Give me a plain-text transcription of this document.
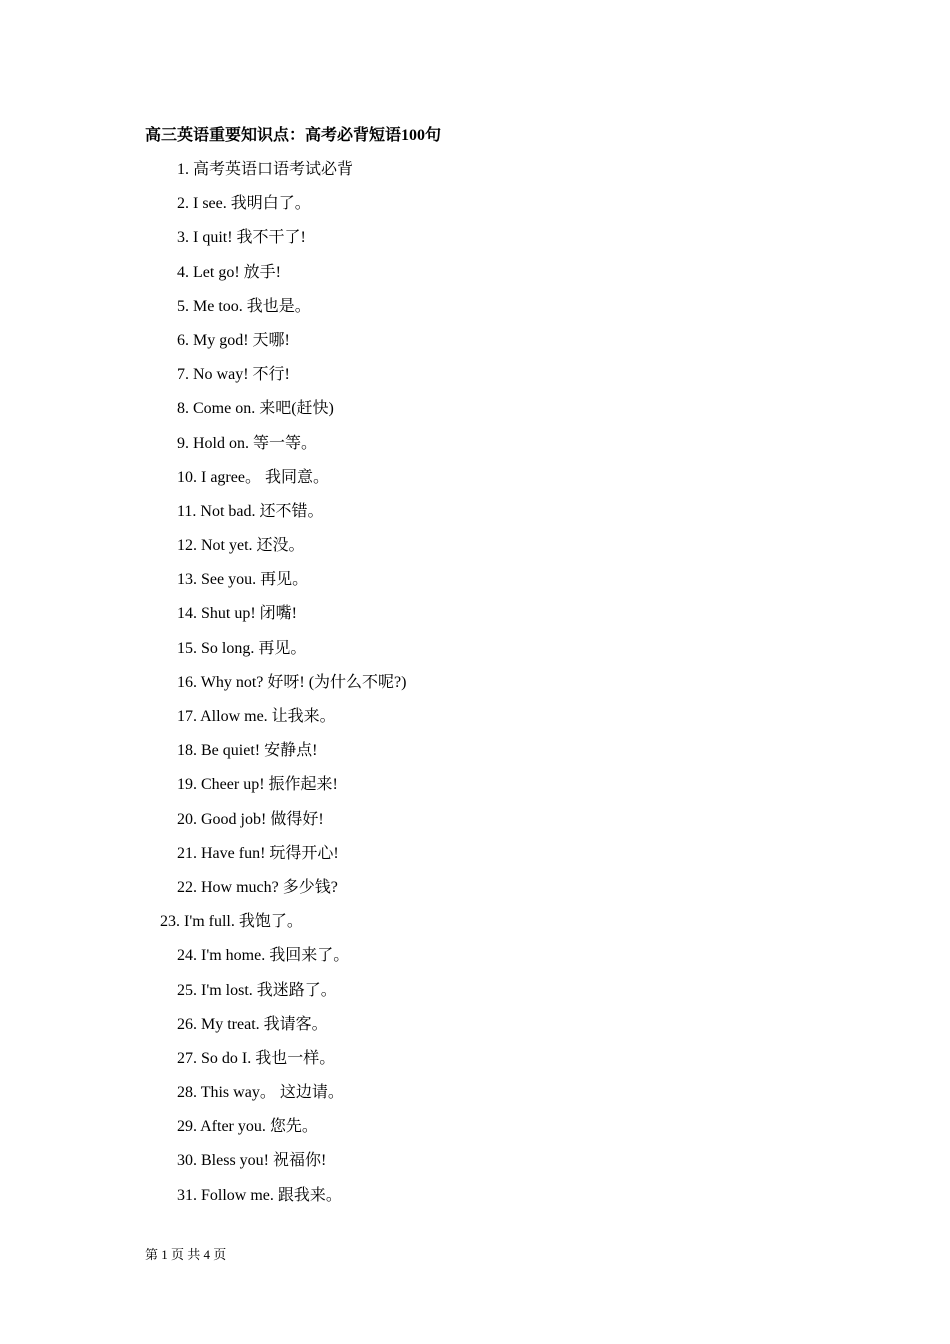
高三英语重要知识点：高考必背短语100句
1. 高考英语口语考试必背
2. I see. 我明白了。
3. I quit! 我不干了!
4. Let go! 放手!
5. Me too. 我也是。
6. My god! 天哪!
7. No way! 不行!
8. Come on. 来吧(赶快)
9. Hold on. 等一等。
10. I agree。 我同意。
11. Not bad. 还不错。
12. Not yet. 还没。
13. See you. 再见。
14. Shut up! 闭嘴!
15. So long. 再见。
16. Why not? 好呀! (为什么不呢?)
17. Allow me. 让我来。
18. Be quiet! 安静点!
19. Cheer up! 振作起来!
20. Good job! 做得好!
21. Have fun! 玩得开心!
22. How much? 多少钱?
23. I'm full. 我饱了。
24. I'm home. 我回来了。
25. I'm lost. 我迷路了。
26. My treat. 我请客。
27. So do I. 我也一样。
28. This way。 这边请。
29. After you. 您先。
30. Bless you! 祝福你!
31. Follow me. 跟我来。
第 1 页 共 4 页
